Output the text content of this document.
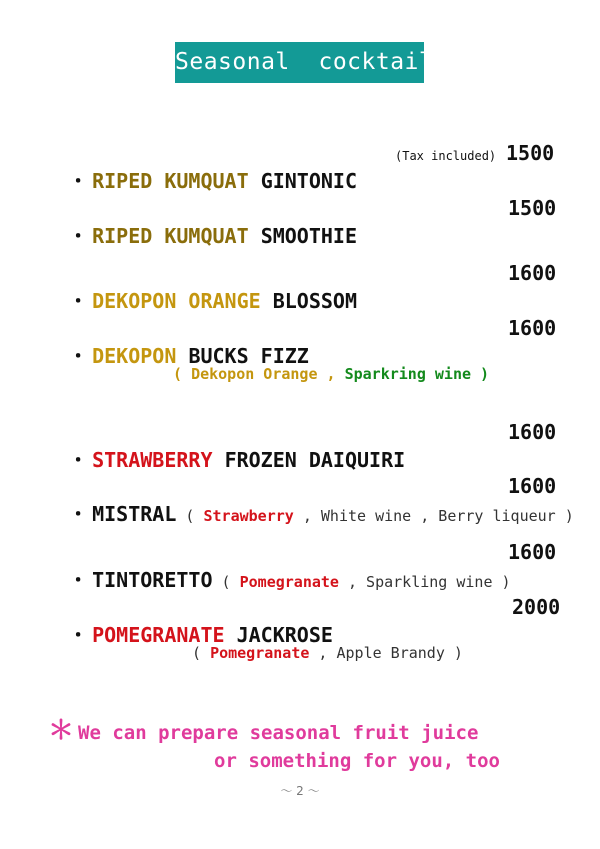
Seasonal  cocktails

・ RIPED KUMQUAT GINTONIC

(Tax included) 1500

・ RIPED KUMQUAT SMOOTHIE

1500

・ DEKOPON ORANGE BLOSSOM

1600

・ DEKOPON BUCKS FIZZ

1600
( Dekopon Orange , Sparkring wine )

・ STRAWBERRY FROZEN DAIQUIRI

1600

・ MISTRAL ( Strawberry , White wine , Berry liqueur )

1600

・ TINTORETTO ( Pomegranate , Sparkling wine )

1600

・ POMEGRANATE JACKROSE

2000
( Pomegranate , Apple Brandy )
＊ We can prepare seasonal fruit juice
or something for you, too
～ 2 ～
